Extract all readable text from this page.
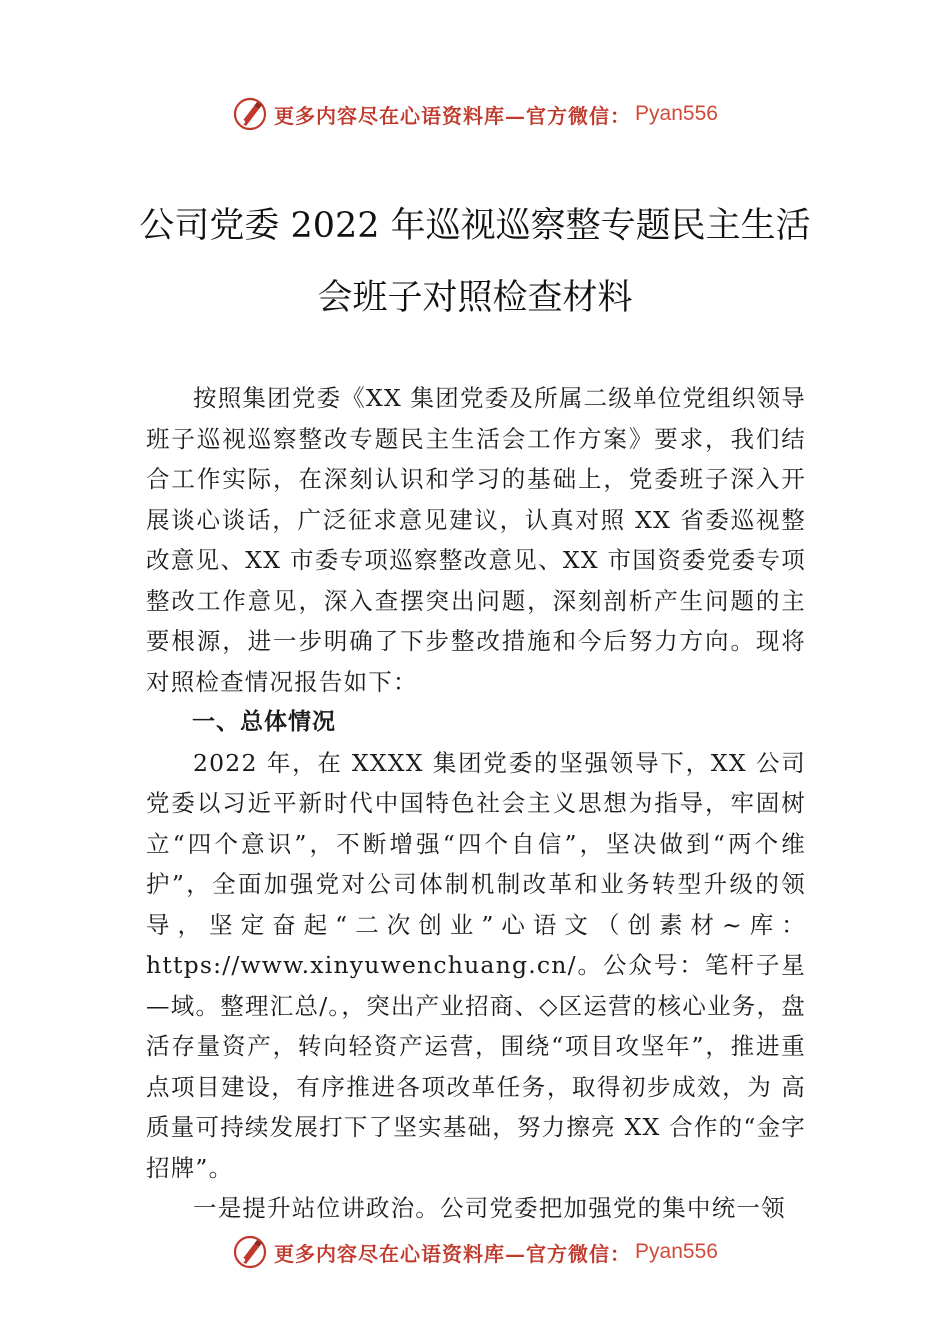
更多内容尽在心语资料库—官方微信： Pyan556
公司党委 2022 年巡视巡察整专题民主生活
会班子对照检查材料

按照集团党委《XX 集团党委及所属二级单位党组织领导班子巡视巡察整改专题民主生活会工作方案》要求，我们结合工作实际，在深刻认识和学习的基础上，党委班子深入开展谈心谈话，广泛征求意见建议，认真对照 XX 省委巡视整改意见、XX 市委专项巡察整改意见、XX 市国资委党委专项整改工作意见，深入查摆突出问题，深刻剖析产生问题的主要根源，进一步明确了下步整改措施和今后努力方向。现将对照检查情况报告如下：

一、总体情况

2022 年，在 XXXX 集团党委的坚强领导下，XX 公司党委以习近平新时代中国特色社会主义思想为指导，牢固树立“四个意识”，不断增强“四个自信”，坚决做到“两个维护”，全面加强党对公司体制机制改革和业务转型升级的领导，坚定奋起“二次创业”心语文（创素材~库：https://www.xinyuwenchuang.cn/。公众号：笔杆子星—域。整理汇总/。，突出产业招商、◇区运营的核心业务，盘活存量资产，转向轻资产运营，围绕“项目攻坚年”，推进重点项目建设，有序推进各项改革任务，取得初步成效，为 高质量可持续发展打下了坚实基础，努力擦亮 XX 合作的“金字招牌”。

一是提升站位讲政治。公司党委把加强党的集中统一领

更多内容尽在心语资料库—官方微信： Pyan556
